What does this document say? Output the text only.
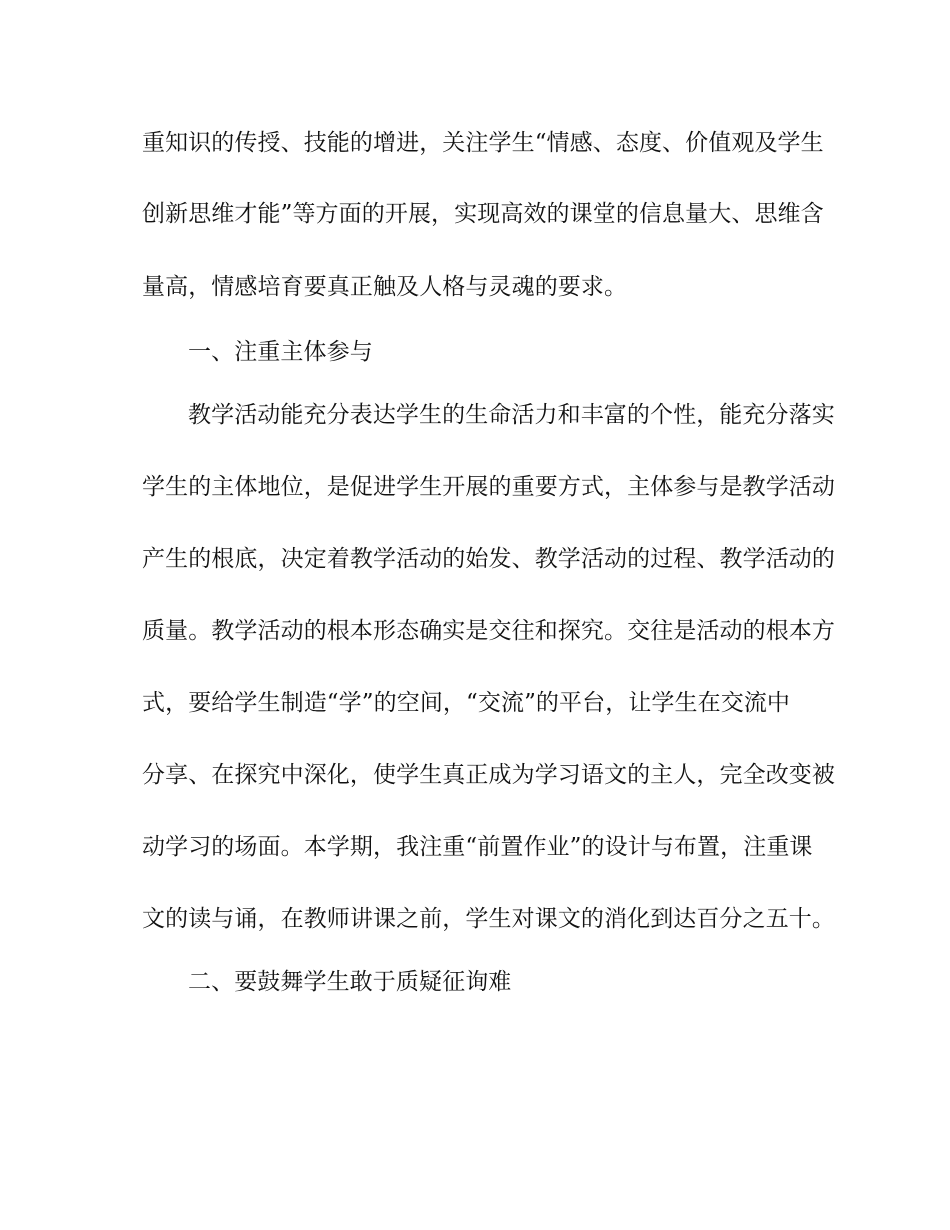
重知识的传授、技能的增进，关注学生“情感、态度、价值观及学生
创新思维才能”等方面的开展，实现高效的课堂的信息量大、思维含
量高，情感培育要真正触及人格与灵魂的要求。
一、注重主体参与
教学活动能充分表达学生的生命活力和丰富的个性，能充分落实
学生的主体地位，是促进学生开展的重要方式，主体参与是教学活动
产生的根底，决定着教学活动的始发、教学活动的过程、教学活动的
质量。教学活动的根本形态确实是交往和探究。交往是活动的根本方
式，要给学生制造“学”的空间，“交流”的平台，让学生在交流中
分享、在探究中深化，使学生真正成为学习语文的主人，完全改变被
动学习的场面。本学期，我注重“前置作业”的设计与布置，注重课
文的读与诵，在教师讲课之前，学生对课文的消化到达百分之五十。
二、要鼓舞学生敢于质疑征询难
